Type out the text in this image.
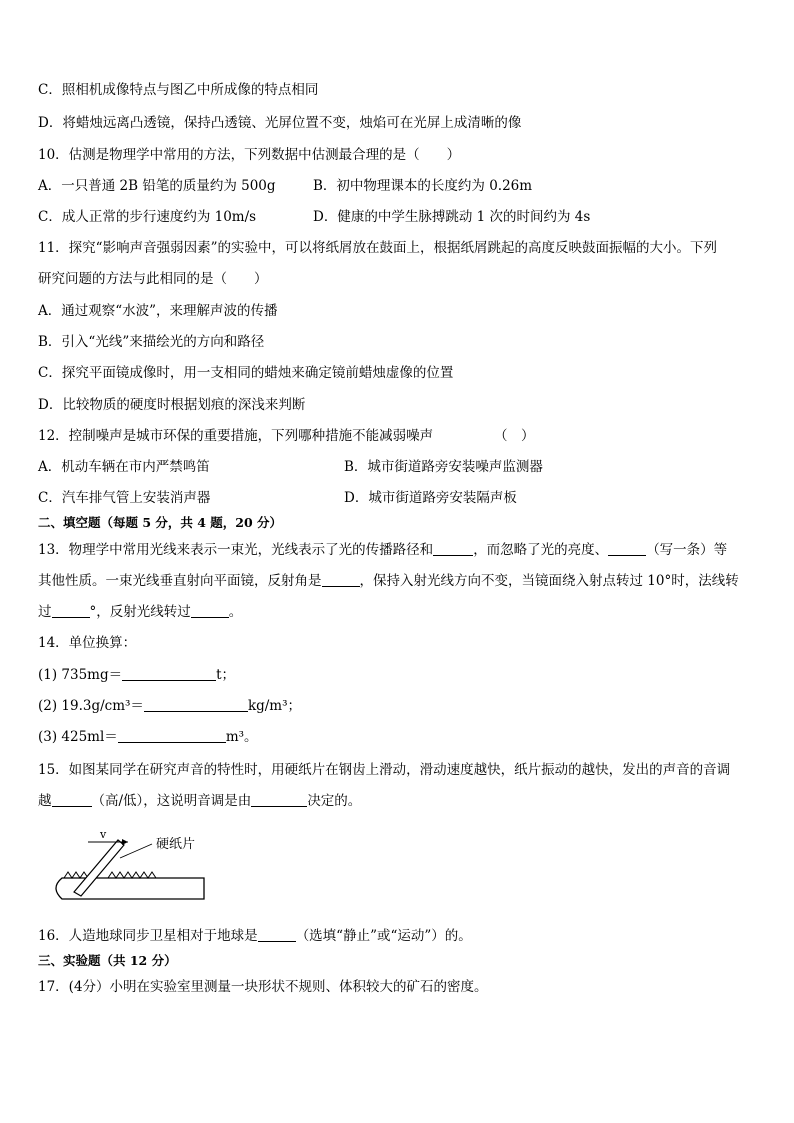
C．照相机成像特点与图乙中所成像的特点相同
D．将蜡烛远离凸透镜，保持凸透镜、光屏位置不变，烛焰可在光屏上成清晰的像
10．估测是物理学中常用的方法，下列数据中估测最合理的是（　　）
A．一只普通 2B 铅笔的质量约为 500g	B．初中物理课本的长度约为 0.26m
C．成人正常的步行速度约为 10m/s	D．健康的中学生脉搏跳动 1 次的时间约为 4s
11．探究“影响声音强弱因素”的实验中，可以将纸屑放在鼓面上，根据纸屑跳起的高度反映鼓面振幅的大小。下列
研究问题的方法与此相同的是（　　）
A．通过观察“水波”，来理解声波的传播
B．引入“光线”来描绘光的方向和路径
C．探究平面镜成像时，用一支相同的蜡烛来确定镜前蜡烛虚像的位置
D．比较物质的硬度时根据划痕的深浅来判断
12．控制噪声是城市环保的重要措施，下列哪种措施不能减弱噪声	（　）
A．机动车辆在市内严禁鸣笛	B．城市街道路旁安装噪声监测器
C．汽车排气管上安装消声器	D．城市街道路旁安装隔声板
二、填空题（每题 5 分，共 4 题，20 分）
13．物理学中常用光线来表示一束光，光线表示了光的传播路径和	，而忽略了光的亮度、	（写一条）等
其他性质。一束光线垂直射向平面镜，反射角是	，保持入射光线方向不变，当镜面绕入射点转过 10°时，法线转
过	°，反射光线转过	。
14．单位换算：
(1) 735mg＝	t；
(2) 19.3g/cm³＝	kg/m³；
(3) 425ml＝	m³。
15．如图某同学在研究声音的特性时，用硬纸片在钢齿上滑动，滑动速度越快，纸片振动的越快，发出的声音的音调
越	（高/低），这说明音调是由	决定的。
v
硬纸片
16．人造地球同步卫星相对于地球是	（选填“静止”或“运动”）的。
三、实验题（共 12 分）
17．(4分）小明在实验室里测量一块形状不规则、体积较大的矿石的密度。
